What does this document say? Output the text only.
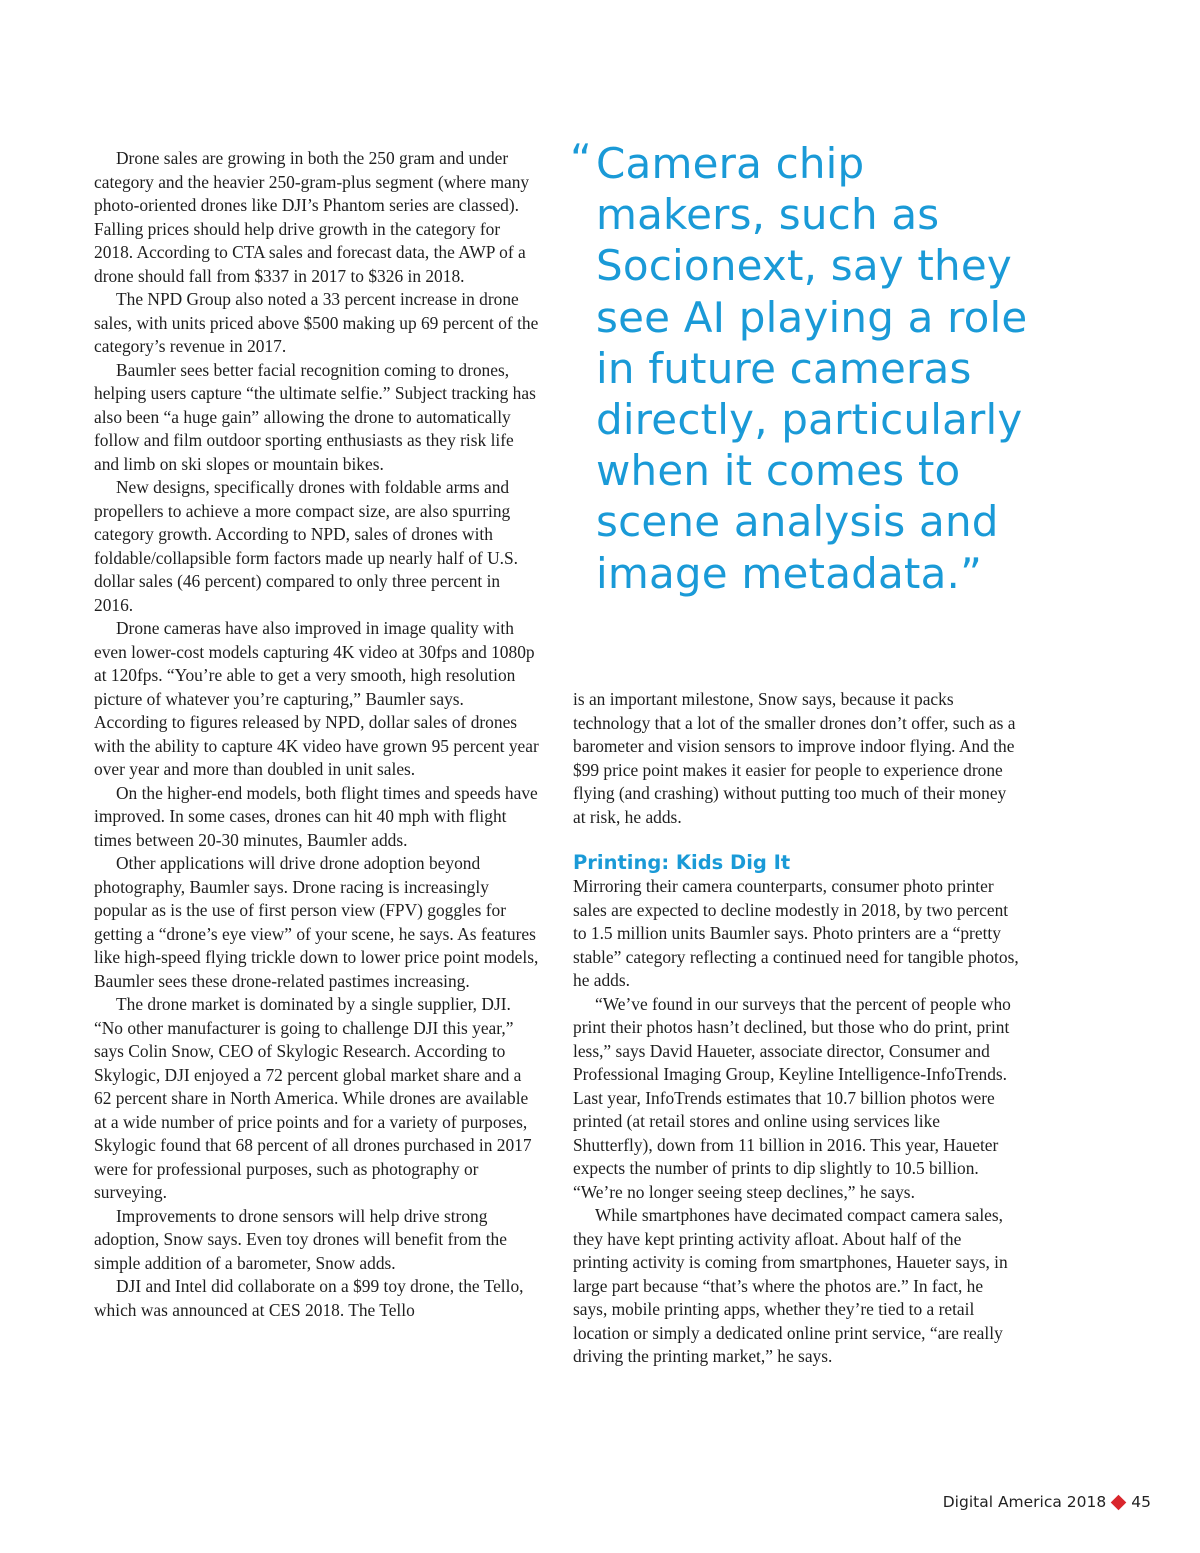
Drone sales are growing in both the 250 gram and under category and the heavier 250-gram-plus segment (where many photo-oriented drones like DJI’s Phantom series are classed). Falling prices should help drive growth in the category for 2018. According to CTA sales and forecast data, the AWP of a drone should fall from $337 in 2017 to $326 in 2018.

The NPD Group also noted a 33 percent increase in drone sales, with units priced above $500 making up 69 percent of the category’s revenue in 2017.

Baumler sees better facial recognition coming to drones, helping users capture “the ultimate selfie.” Subject tracking has also been “a huge gain” allowing the drone to automatically follow and film outdoor sporting enthusiasts as they risk life and limb on ski slopes or mountain bikes.

New designs, specifically drones with foldable arms and propellers to achieve a more compact size, are also spurring category growth. According to NPD, sales of drones with foldable/collapsible form factors made up nearly half of U.S. dollar sales (46 percent) compared to only three percent in 2016.

Drone cameras have also improved in image quality with even lower-cost models capturing 4K video at 30fps and 1080p at 120fps. “You’re able to get a very smooth, high resolution picture of whatever you’re capturing,” Baumler says. According to figures released by NPD, dollar sales of drones with the ability to capture 4K video have grown 95 percent year over year and more than doubled in unit sales.

On the higher-end models, both flight times and speeds have improved. In some cases, drones can hit 40 mph with flight times between 20-30 minutes, Baumler adds.

Other applications will drive drone adoption beyond photography, Baumler says. Drone racing is increasingly popular as is the use of first person view (FPV) goggles for getting a “drone’s eye view” of your scene, he says. As features like high-speed flying trickle down to lower price point models, Baumler sees these drone-related pastimes increasing.

The drone market is dominated by a single supplier, DJI. “No other manufacturer is going to challenge DJI this year,” says Colin Snow, CEO of Skylogic Research. According to Skylogic, DJI enjoyed a 72 percent global market share and a 62 percent share in North America. While drones are available at a wide number of price points and for a variety of purposes, Skylogic found that 68 percent of all drones purchased in 2017 were for professional purposes, such as photography or surveying.

Improvements to drone sensors will help drive strong adoption, Snow says. Even toy drones will benefit from the simple addition of a barometer, Snow adds.

DJI and Intel did collaborate on a $99 toy drone, the Tello, which was announced at CES 2018. The Tello

“ Camera chip makers, such as Socionext, say they see AI playing a role in future cameras directly, particularly when it comes to scene analysis and image metadata.”

is an important milestone, Snow says, because it packs technology that a lot of the smaller drones don’t offer, such as a barometer and vision sensors to improve indoor flying. And the $99 price point makes it easier for people to experience drone flying (and crashing) without putting too much of their money at risk, he adds.

Printing: Kids Dig It

Mirroring their camera counterparts, consumer photo printer sales are expected to decline modestly in 2018, by two percent to 1.5 million units Baumler says. Photo printers are a “pretty stable” category reflecting a continued need for tangible photos, he adds.

“We’ve found in our surveys that the percent of people who print their photos hasn’t declined, but those who do print, print less,” says David Haueter, associate director, Consumer and Professional Imaging Group, Keyline Intelligence-InfoTrends. Last year, InfoTrends estimates that 10.7 billion photos were printed (at retail stores and online using services like Shutterfly), down from 11 billion in 2016. This year, Haueter expects the number of prints to dip slightly to 10.5 billion. “We’re no longer seeing steep declines,” he says.

While smartphones have decimated compact camera sales, they have kept printing activity afloat. About half of the printing activity is coming from smartphones, Haueter says, in large part because “that’s where the photos are.” In fact, he says, mobile printing apps, whether they’re tied to a retail location or simply a dedicated online print service, “are really driving the printing market,” he says.

Digital America 2018 45
